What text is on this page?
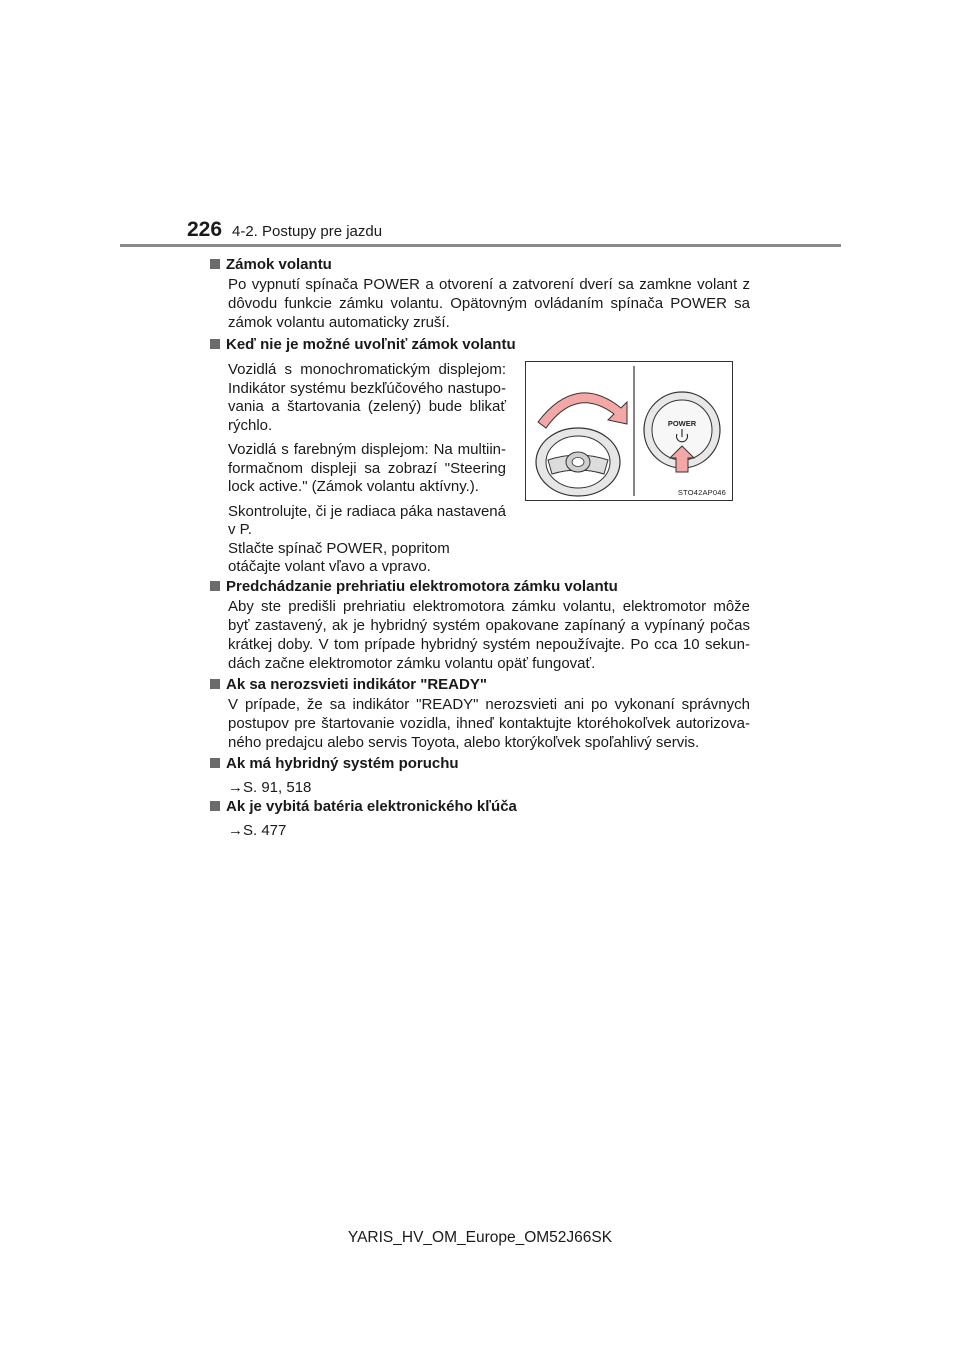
226 4-2. Postupy pre jazdu
Zámok volantu

Po vypnutí spínača POWER a otvorení a zatvorení dverí sa zamkne volant z dôvodu funkcie zámku volantu. Opätovným ovládaním spínača POWER sa zámok volantu automaticky zruší.

Keď nie je možné uvoľniť zámok volantu

Vozidlá s monochromatickým displejom: Indikátor systému bezkľúčového nastupo-vania a štartovania (zelený) bude blikať rýchlo.

Vozidlá s farebným displejom: Na multiin-formačnom displeji sa zobrazí "Steering lock active." (Zámok volantu aktívny.).

Skontrolujte, či je radiaca páka nastavená v P.

Stlačte spínač POWER, popritom otáčajte volant vľavo a vpravo.

POWER
STO42AP046
Predchádzanie prehriatiu elektromotora zámku volantu

Aby ste predišli prehriatiu elektromotora zámku volantu, elektromotor môže byť zastavený, ak je hybridný systém opakovane zapínaný a vypínaný počas krátkej doby. V tom prípade hybridný systém nepoužívajte. Po cca 10 sekun-dách začne elektromotor zámku volantu opäť fungovať.

Ak sa nerozsvieti indikátor "READY"

V prípade, že sa indikátor "READY" nerozsvieti ani po vykonaní správnych postupov pre štartovanie vozidla, ihneď kontaktujte ktoréhokoľvek autorizova-ného predajcu alebo servis Toyota, alebo ktorýkoľvek spoľahlivý servis.

Ak má hybridný systém poruchu
→S. 91, 518
Ak je vybitá batéria elektronického kľúča
→S. 477
YARIS_HV_OM_Europe_OM52J66SK
